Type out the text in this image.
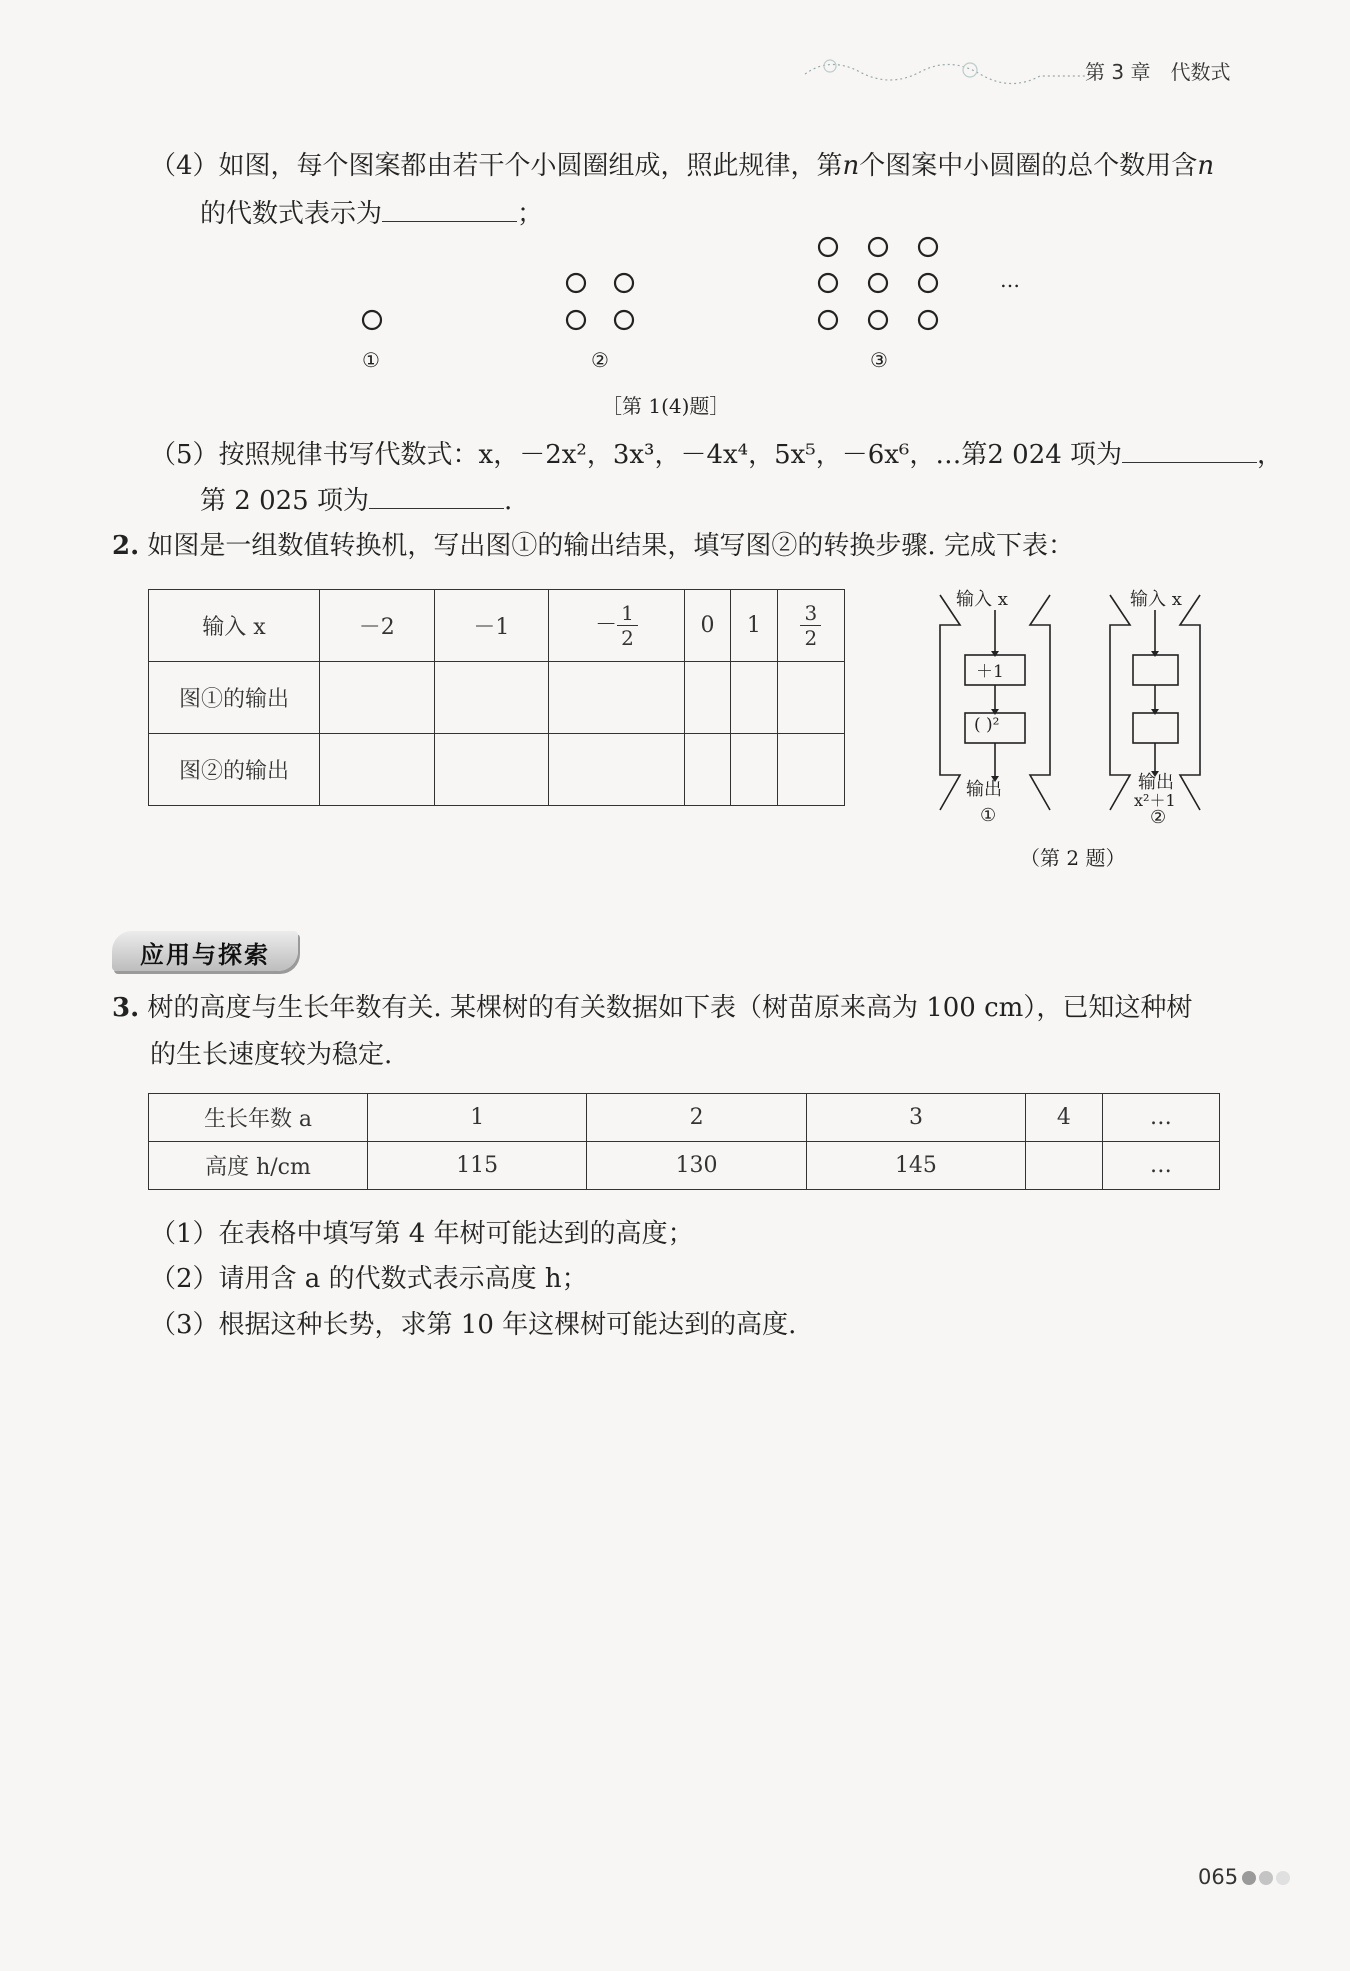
第 3 章　代数式
（4）如图，每个图案都由若干个小圆圈组成，照此规律，第n个图案中小圆圈的总个数用含n
的代数式表示为	；
①	②	③
…
［第 1(4)题］
（5）按照规律书写代数式：x，－2x²，3x³，－4x⁴，5x⁵，－6x⁶，…第2 024 项为	，
第 2 025 项为	.
2. 如图是一组数值转换机，写出图①的输出结果，填写图②的转换步骤. 完成下表：
输入 x	－2	－1	－ $\frac{1}{2}$	0	1	$\frac{3}{2}$

图①的输出						
图②的输出						
输入 x
＋1
( )²
输出
①
输入 x
输出
x²＋1
②
（第 2 题）
应用与探索
3. 树的高度与生长年数有关. 某棵树的有关数据如下表（树苗原来高为 100 cm），已知这种树
的生长速度较为稳定.
生长年数 a	1	2	3	4	…
高度 h/cm	115	130	145		…
（1）在表格中填写第 4 年树可能达到的高度；
（2）请用含 a 的代数式表示高度 h；
（3）根据这种长势，求第 10 年这棵树可能达到的高度.
065
